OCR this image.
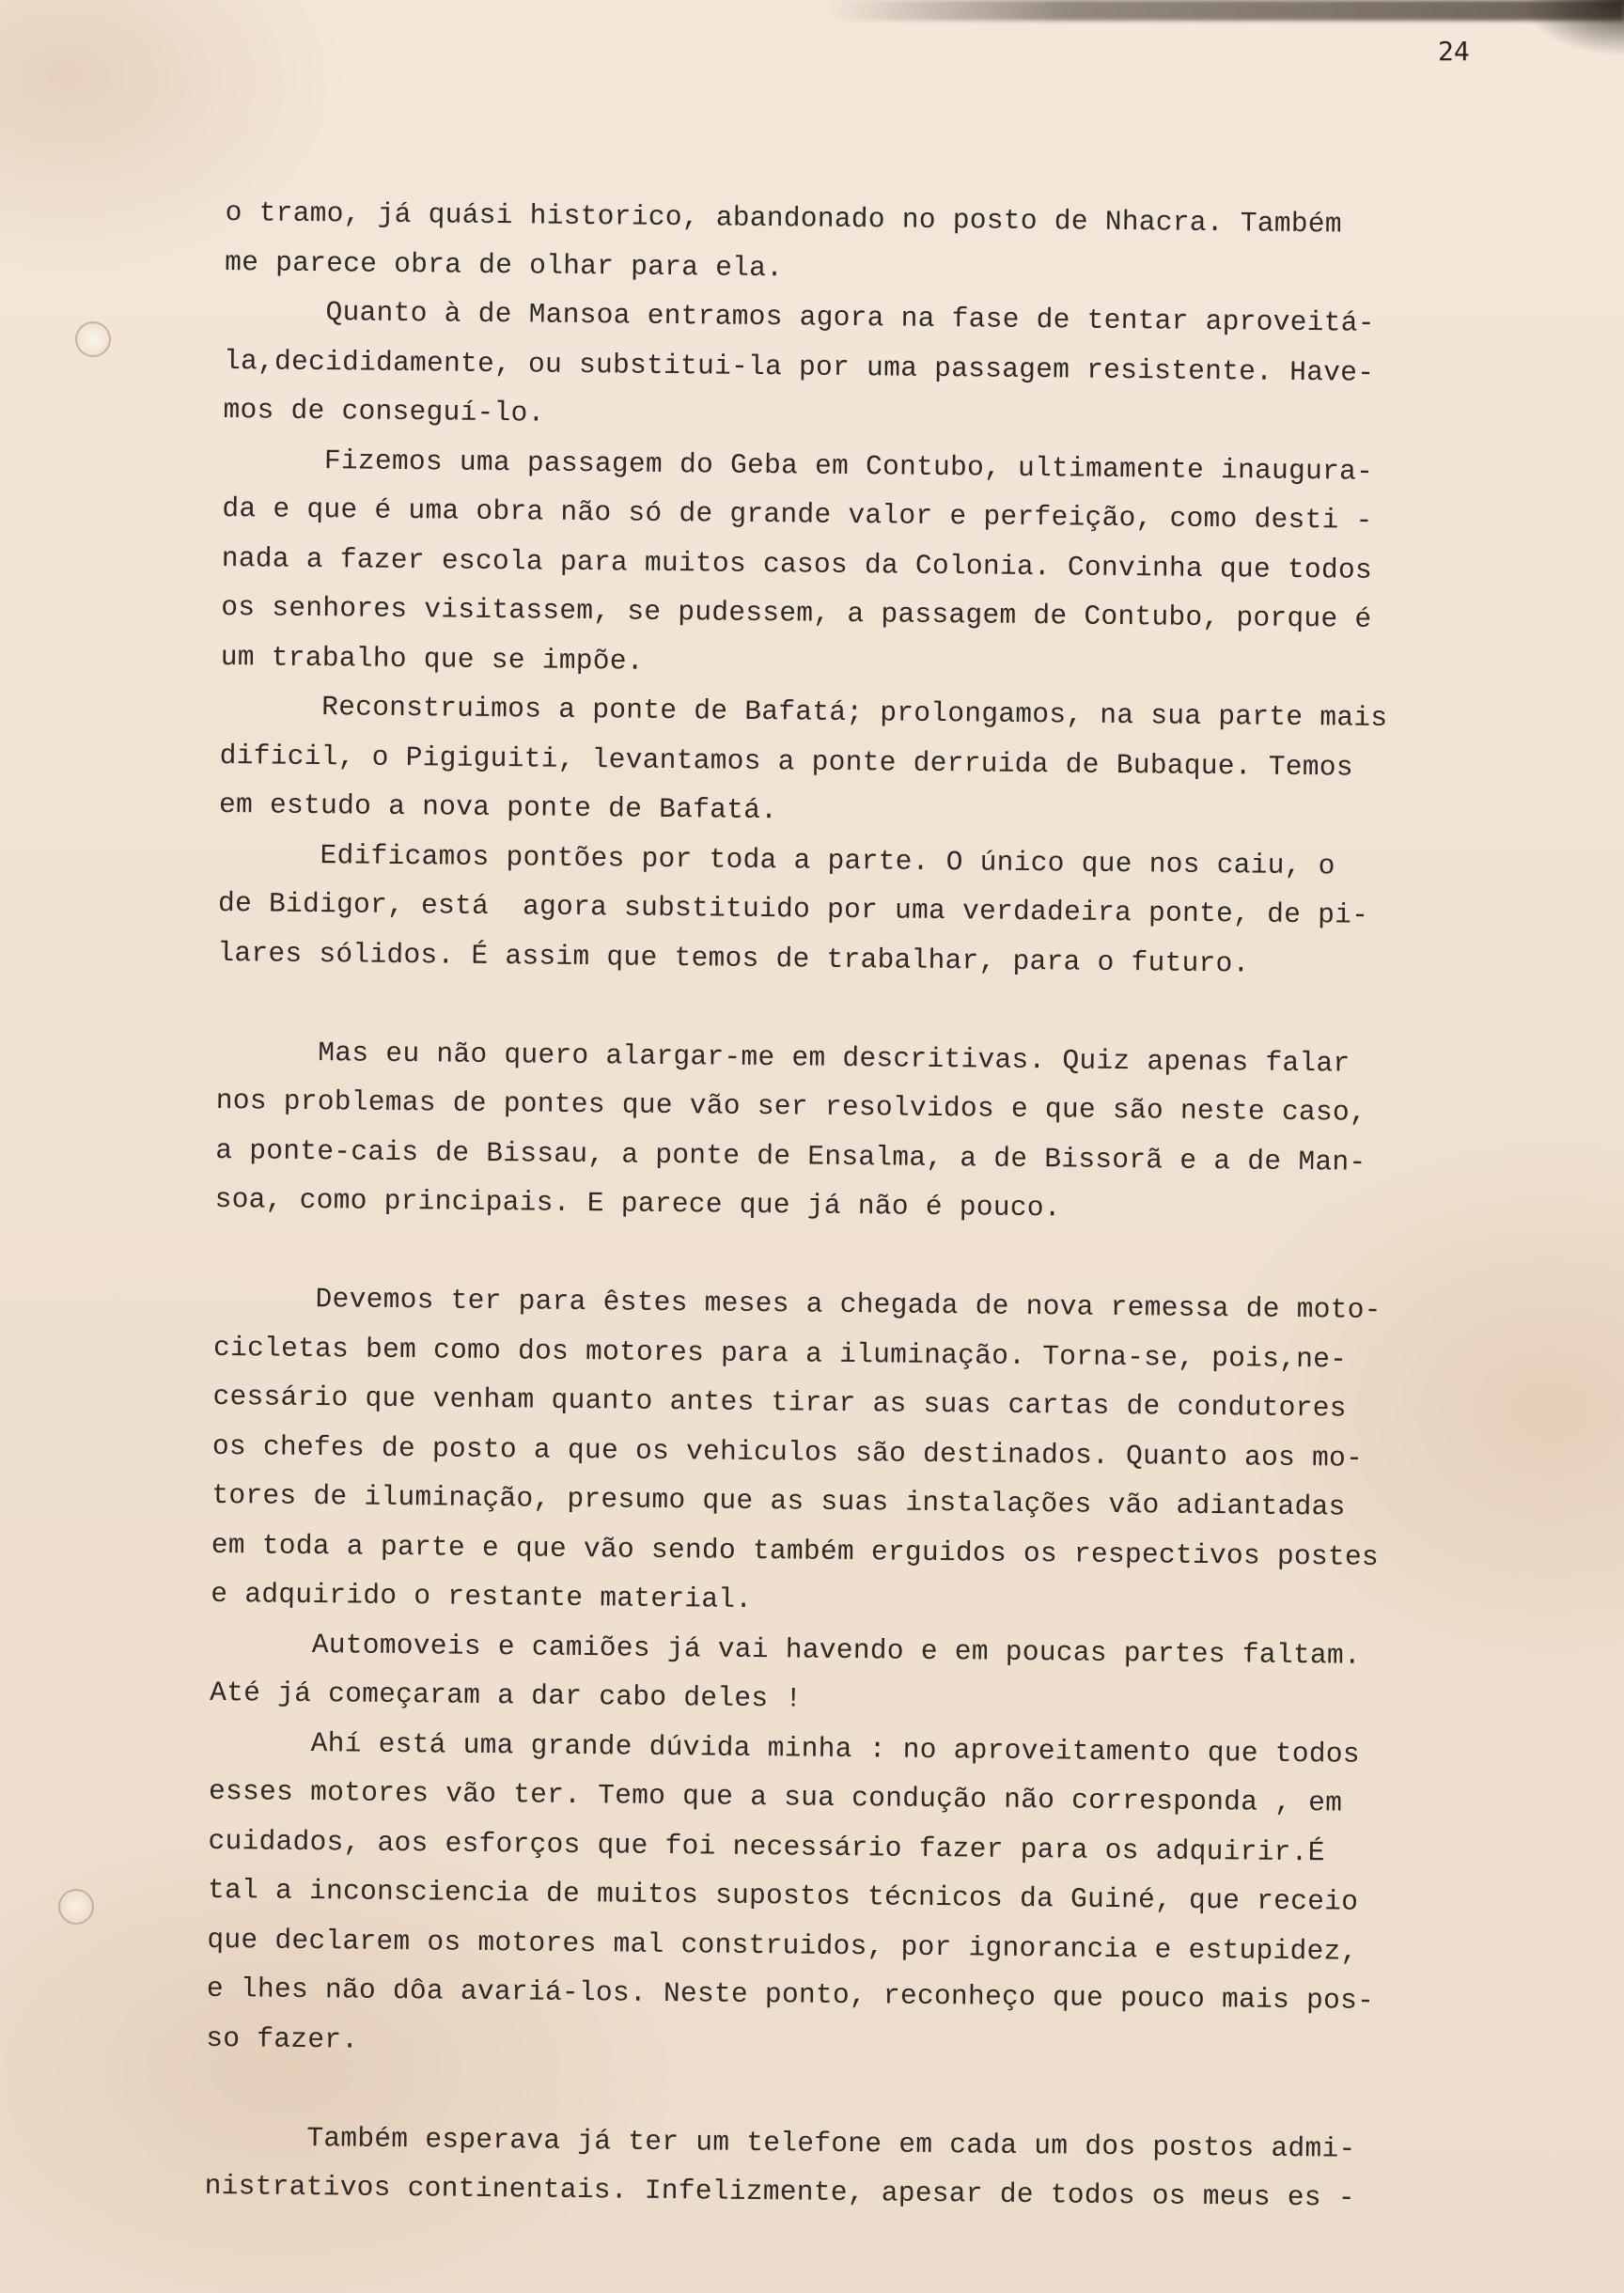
24
o tramo, já quási historico, abandonado no posto de Nhacra. Também
me parece obra de olhar para ela.
Quanto à de Mansoa entramos agora na fase de tentar aproveitá-
la,decididamente, ou substitui-la por uma passagem resistente. Have-
mos de conseguí-lo.
Fizemos uma passagem do Geba em Contubo, ultimamente inaugura-
da e que é uma obra não só de grande valor e perfeição, como desti -
nada a fazer escola para muitos casos da Colonia. Convinha que todos
os senhores visitassem, se pudessem, a passagem de Contubo, porque é
um trabalho que se impõe.
Reconstruimos a ponte de Bafatá; prolongamos, na sua parte mais
dificil, o Pigiguiti, levantamos a ponte derruida de Bubaque. Temos
em estudo a nova ponte de Bafatá.
Edificamos pontões por toda a parte. O único que nos caiu, o
de Bidigor, está  agora substituido por uma verdadeira ponte, de pi-
lares sólidos. É assim que temos de trabalhar, para o futuro.
Mas eu não quero alargar-me em descritivas. Quiz apenas falar
nos problemas de pontes que vão ser resolvidos e que são neste caso,
a ponte-cais de Bissau, a ponte de Ensalma, a de Bissorã e a de Man-
soa, como principais. E parece que já não é pouco.
Devemos ter para êstes meses a chegada de nova remessa de moto-
cicletas bem como dos motores para a iluminação. Torna-se, pois,ne-
cessário que venham quanto antes tirar as suas cartas de condutores
os chefes de posto a que os vehiculos são destinados. Quanto aos mo-
tores de iluminação, presumo que as suas instalações vão adiantadas
em toda a parte e que vão sendo também erguidos os respectivos postes
e adquirido o restante material.
Automoveis e camiões já vai havendo e em poucas partes faltam.
Até já começaram a dar cabo deles !
Ahí está uma grande dúvida minha : no aproveitamento que todos
esses motores vão ter. Temo que a sua condução não corresponda , em
cuidados, aos esforços que foi necessário fazer para os adquirir.É
tal a inconsciencia de muitos supostos técnicos da Guiné, que receio
que declarem os motores mal construidos, por ignorancia e estupidez,
e lhes não dôa avariá-los. Neste ponto, reconheço que pouco mais pos-
so fazer.
Também esperava já ter um telefone em cada um dos postos admi-
nistrativos continentais. Infelizmente, apesar de todos os meus es -
